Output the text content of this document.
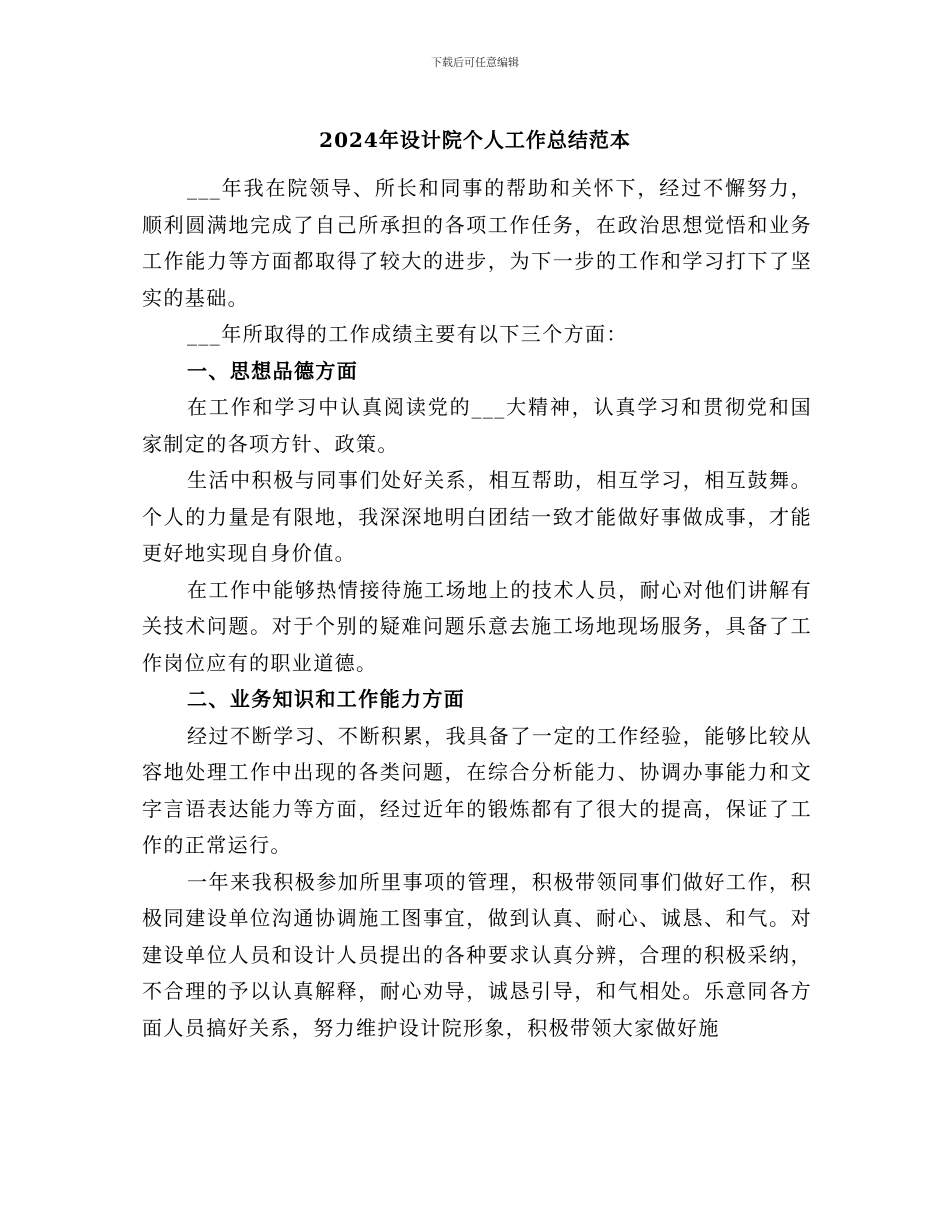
下载后可任意编辑
2024年设计院个人工作总结范本

___年我在院领导、所长和同事的帮助和关怀下，经过不懈努力，顺利圆满地完成了自己所承担的各项工作任务，在政治思想觉悟和业务工作能力等方面都取得了较大的进步，为下一步的工作和学习打下了坚实的基础。

___年所取得的工作成绩主要有以下三个方面：

一、思想品德方面

在工作和学习中认真阅读党的___大精神，认真学习和贯彻党和国家制定的各项方针、政策。

生活中积极与同事们处好关系，相互帮助，相互学习，相互鼓舞。个人的力量是有限地，我深深地明白团结一致才能做好事做成事，才能更好地实现自身价值。

在工作中能够热情接待施工场地上的技术人员，耐心对他们讲解有关技术问题。对于个别的疑难问题乐意去施工场地现场服务，具备了工作岗位应有的职业道德。

二、业务知识和工作能力方面

经过不断学习、不断积累，我具备了一定的工作经验，能够比较从容地处理工作中出现的各类问题，在综合分析能力、协调办事能力和文字言语表达能力等方面，经过近年的锻炼都有了很大的提高，保证了工作的正常运行。

一年来我积极参加所里事项的管理，积极带领同事们做好工作，积极同建设单位沟通协调施工图事宜，做到认真、耐心、诚恳、和气。对建设单位人员和设计人员提出的各种要求认真分辨，合理的积极采纳，不合理的予以认真解释，耐心劝导，诚恳引导，和气相处。乐意同各方面人员搞好关系，努力维护设计院形象，积极带领大家做好施
